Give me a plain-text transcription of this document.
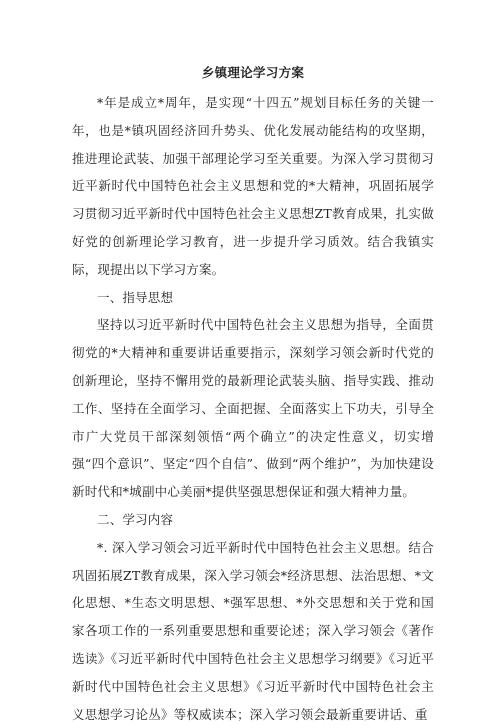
乡镇理论学习方案

*年是成立*周年，是实现“十四五”规划目标任务的关键一年，也是*镇巩固经济回升势头、优化发展动能结构的攻坚期，推进理论武装、加强干部理论学习至关重要。为深入学习贯彻习近平新时代中国特色社会主义思想和党的*大精神，巩固拓展学习贯彻习近平新时代中国特色社会主义思想ZT教育成果，扎实做好党的创新理论学习教育，进一步提升学习质效。结合我镇实际，现提出以下学习方案。

一、指导思想

坚持以习近平新时代中国特色社会主义思想为指导，全面贯彻党的*大精神和重要讲话重要指示，深刻学习领会新时代党的创新理论，坚持不懈用党的最新理论武装头脑、指导实践、推动工作、坚持在全面学习、全面把握、全面落实上下功夫，引导全市广大党员干部深刻领悟“两个确立”的决定性意义，切实增强“四个意识”、坚定“四个自信”、做到“两个维护”，为加快建设新时代和*城副中心美丽*提供坚强思想保证和强大精神力量。

二、学习内容

*. 深入学习领会习近平新时代中国特色社会主义思想。结合巩固拓展ZT教育成果，深入学习领会*经济思想、法治思想、*文化思想、*生态文明思想、*强军思想、*外交思想和关于党和国家各项工作的一系列重要思想和重要论述；深入学习领会《著作选读》《习近平新时代中国特色社会主义思想学习纲要》《习近平新时代中国特色社会主义思想》《习近平新时代中国特色社会主义思想学习论丛》等权威读本；深入学习领会最新重要讲话、重
